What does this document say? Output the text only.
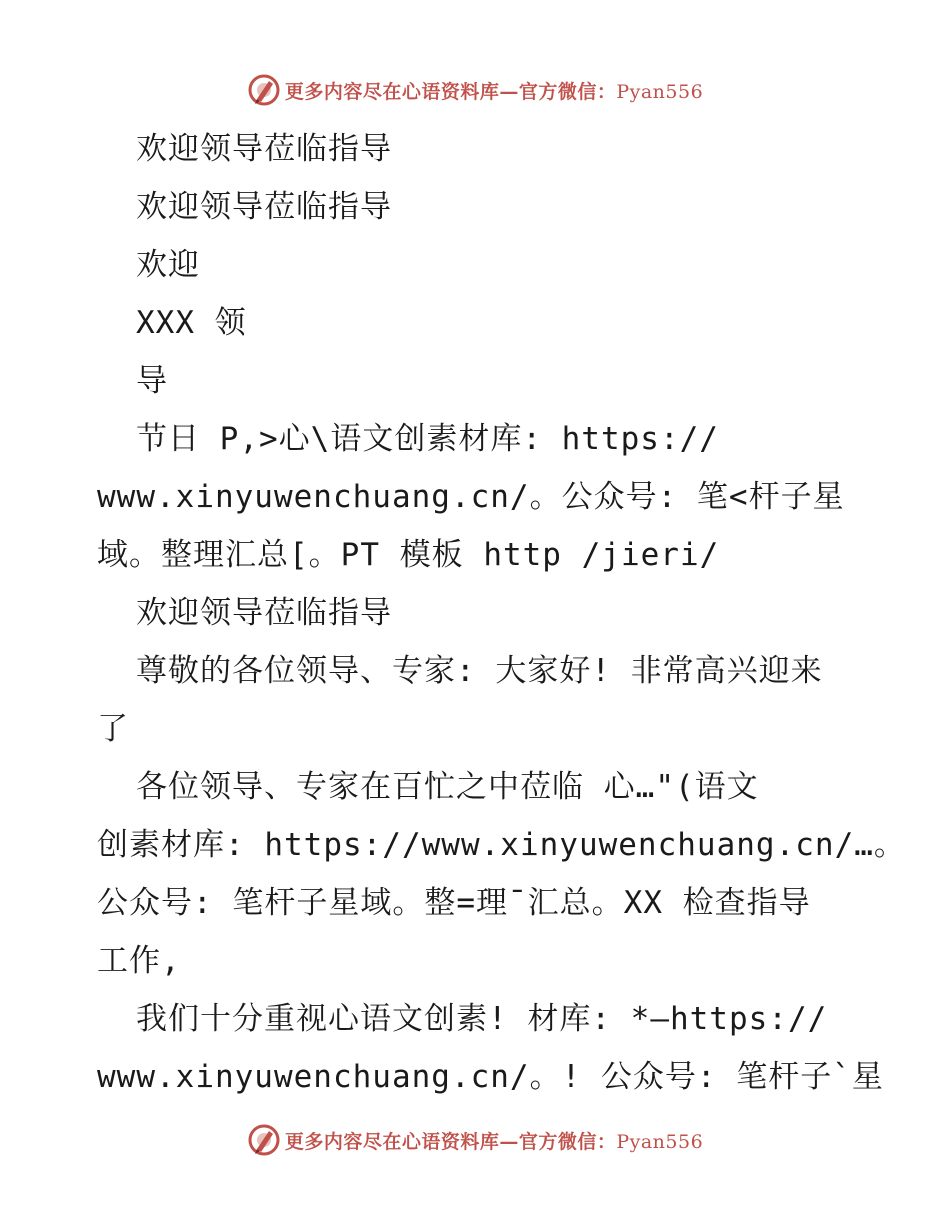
更多内容尽在心语资料库—官方微信：Pyan556
欢迎领导莅临指导
欢迎领导莅临指导
欢迎
XXX 领
导
节日 P,>心\语文创素材库: https://
www.xinyuwenchuang.cn/。公众号: 笔<杆子星
域。整理汇总[。PT 模板 http /jieri/
欢迎领导莅临指导
尊敬的各位领导、专家: 大家好! 非常高兴迎来
了
各位领导、专家在百忙之中莅临 心…"(语文
创素材库: https://www.xinyuwenchuang.cn/…。
公众号: 笔杆子星域。整=理¯汇总。XX 检查指导
工作,
我们十分重视心语文创素! 材库: *—https://
www.xinyuwenchuang.cn/。! 公众号: 笔杆子`星
更多内容尽在心语资料库—官方微信：Pyan556
